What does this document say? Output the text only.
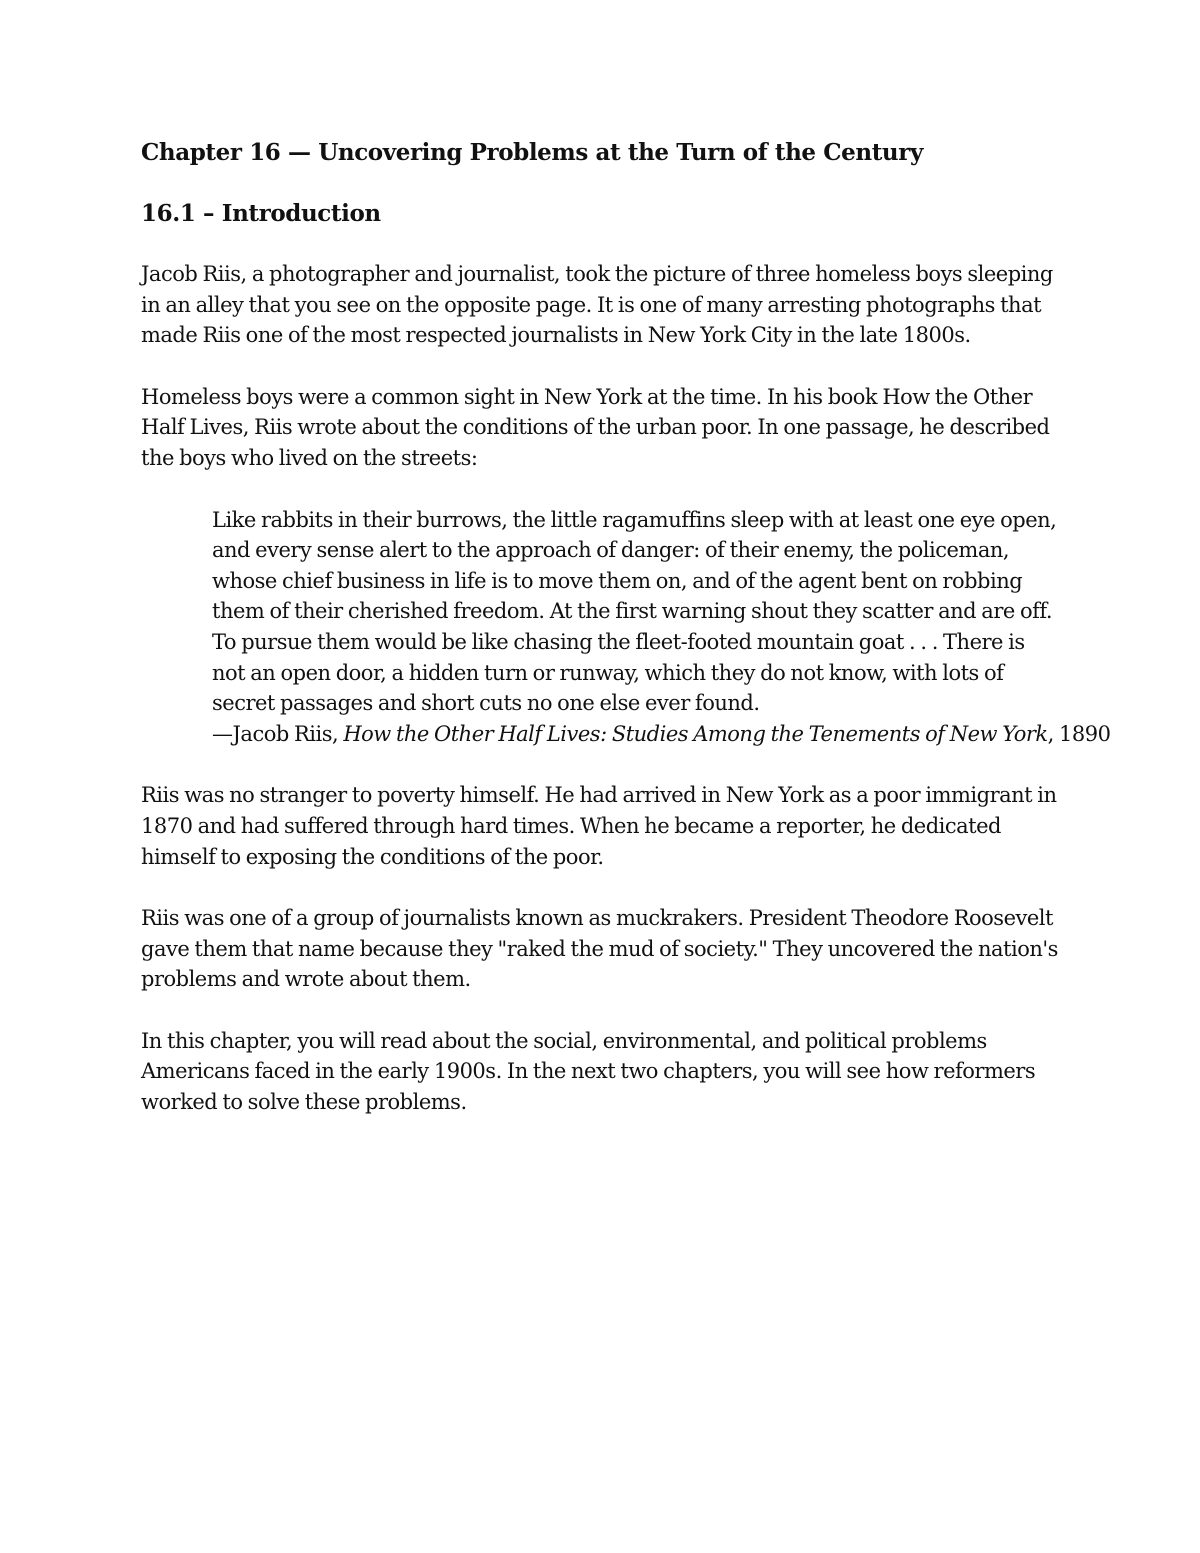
Chapter 16 — Uncovering Problems at the Turn of the Century
16.1 – Introduction

Jacob Riis, a photographer and journalist, took the picture of three homeless boys sleeping in an alley that you see on the opposite page. It is one of many arresting photographs that made Riis one of the most respected journalists in New York City in the late 1800s.

Homeless boys were a common sight in New York at the time. In his book How the Other Half Lives, Riis wrote about the conditions of the urban poor. In one passage, he described the boys who lived on the streets:

Like rabbits in their burrows, the little ragamuffins sleep with at least one eye open, and every sense alert to the approach of danger: of their enemy, the policeman, whose chief business in life is to move them on, and of the agent bent on robbing them of their cherished freedom. At the first warning shout they scatter and are off. To pursue them would be like chasing the fleet-footed mountain goat . . . There is not an open door, a hidden turn or runway, which they do not know, with lots of secret passages and short cuts no one else ever found.

—Jacob Riis, How the Other Half Lives: Studies Among the Tenements of New York, 1890

Riis was no stranger to poverty himself. He had arrived in New York as a poor immigrant in 1870 and had suffered through hard times. When he became a reporter, he dedicated himself to exposing the conditions of the poor.

Riis was one of a group of journalists known as muckrakers. President Theodore Roosevelt gave them that name because they "raked the mud of society." They uncovered the nation's problems and wrote about them.

In this chapter, you will read about the social, environmental, and political problems Americans faced in the early 1900s. In the next two chapters, you will see how reformers worked to solve these problems.
